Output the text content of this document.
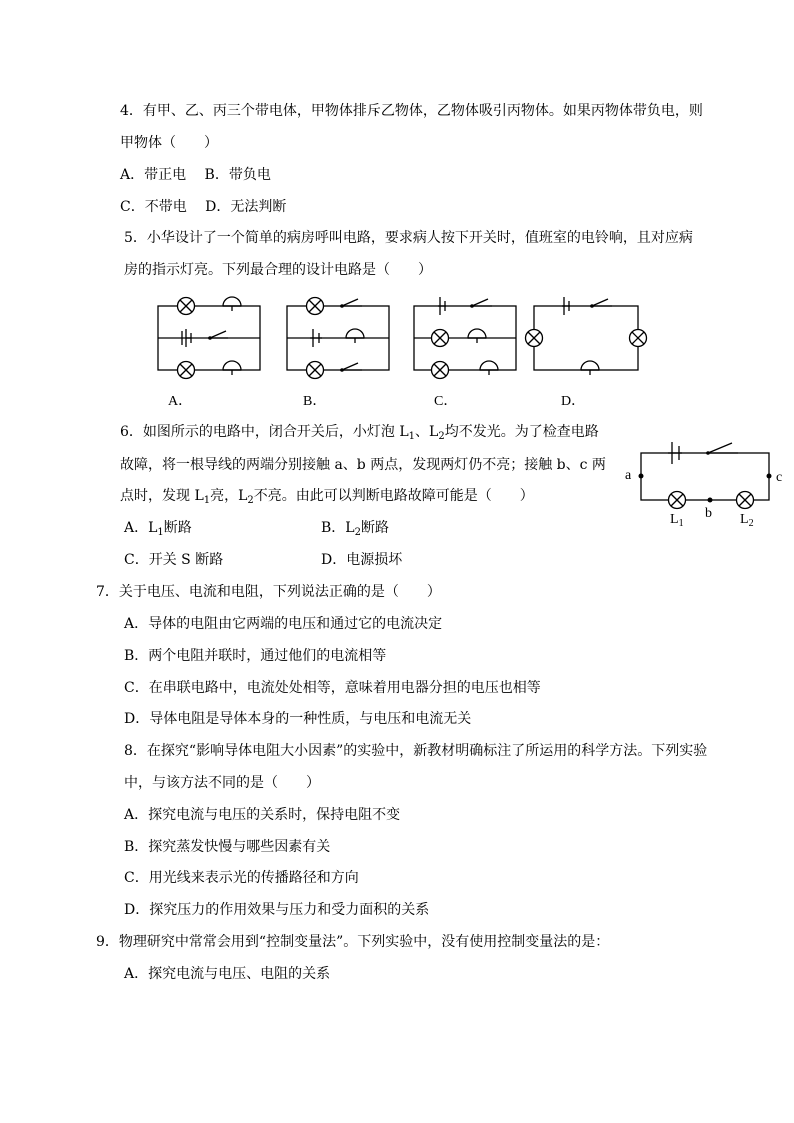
4．有甲、乙、丙三个带电体，甲物体排斥乙物体，乙物体吸引丙物体。如果丙物体带负电，则
甲物体（　　）
A．带正电　 B．带负电
C．不带电　 D．无法判断
5．小华设计了一个简单的病房呼叫电路，要求病人按下开关时，值班室的电铃响，且对应病
房的指示灯亮。下列最合理的设计电路是（　　）
A．	B．	C．	D．
6．如图所示的电路中，闭合开关后，小灯泡 $L_1$、$L_2$均不发光。为了检查电路
故障，将一根导线的两端分别接触 a、b 两点，发现两灯仍不亮；接触 b、c 两
点时，发现 $L_1$亮，$L_2$不亮。由此可以判断电路故障可能是（　　）
A．$L_1$断路	B．$L_2$断路
C．开关 S 断路	D．电源损坏
a	c
b
$L_1$	$L_2$
7．关于电压、电流和电阻，下列说法正确的是（　　）
A．导体的电阻由它两端的电压和通过它的电流决定
B．两个电阻并联时，通过他们的电流相等
C．在串联电路中，电流处处相等，意味着用电器分担的电压也相等
D．导体电阻是导体本身的一种性质，与电压和电流无关
8．在探究“影响导体电阻大小因素”的实验中，新教材明确标注了所运用的科学方法。下列实验
中，与该方法不同的是（　　）
A．探究电流与电压的关系时，保持电阻不变
B．探究蒸发快慢与哪些因素有关
C．用光线来表示光的传播路径和方向
D．探究压力的作用效果与压力和受力面积的关系
9．物理研究中常常会用到“控制变量法”。下列实验中，没有使用控制变量法的是：
A．探究电流与电压、电阻的关系
